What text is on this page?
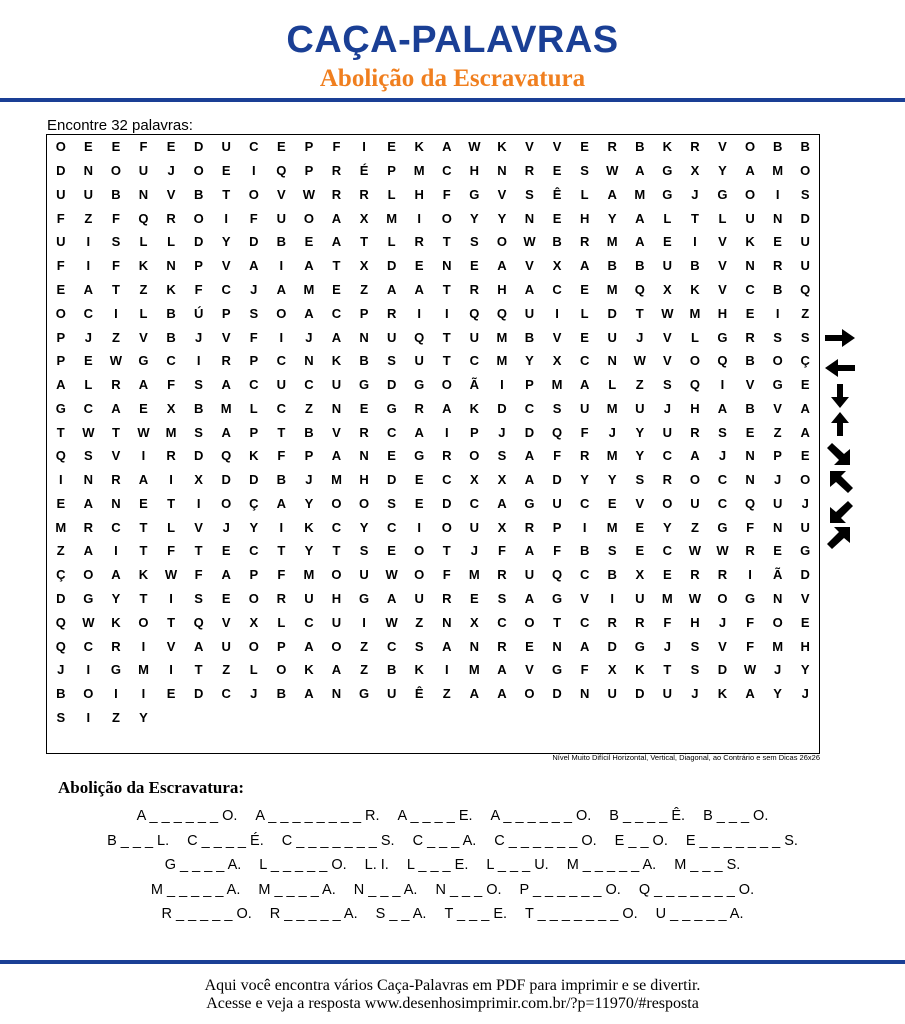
CAÇA-PALAVRAS
Abolição da Escravatura
Encontre 32 palavras:
O	E	E	F	E	D	U	C	E	P	F	I	E	K	A	W	K	V	V	E	R	B	K	R	V	O	B	B
D	N	O	U	J	O	E	I	Q	P	R	É	P	M	C	H	N	R	E	S	W	A	G	X	Y	A	M	O
U	U	B	N	V	B	T	O	V	W	R	R	L	H	F	G	V	S	Ê	L	A	M	G	J	G	O	I	S
F	Z	F	Q	R	O	I	F	U	O	A	X	M	I	O	Y	Y	N	E	H	Y	A	L	T	L	U	N	D
U	I	S	L	L	D	Y	D	B	E	A	T	L	R	T	S	O	W	B	R	M	A	E	I	V	K	E	U
F	I	F	K	N	P	V	A	I	A	T	X	D	E	N	E	A	V	X	A	B	B	U	B	V	N	R	U
E	A	T	Z	K	F	C	J	A	M	E	Z	A	A	T	R	H	A	C	E	M	Q	X	K	V	C	B	Q
O	C	I	L	B	Ú	P	S	O	A	C	P	R	I	I	Q	Q	U	I	L	D	T	W	M	H	E	I	Z
P	J	Z	V	B	J	V	F	I	J	A	N	U	Q	T	U	M	B	V	E	U	J	V	L	G	R	S	S
P	E	W	G	C	I	R	P	C	N	K	B	S	U	T	C	M	Y	X	C	N	W	V	O	Q	B	O	Ç
A	L	R	A	F	S	A	C	U	C	U	G	D	G	O	Ã	I	P	M	A	L	Z	S	Q	I	V	G	E
G	C	A	E	X	B	M	L	C	Z	N	E	G	R	A	K	D	C	S	U	M	U	J	H	A	B	V	A
T	W	T	W	M	S	A	P	T	B	V	R	C	A	I	P	J	D	Q	F	J	Y	U	R	S	E	Z	A
Q	S	V	I	R	D	Q	K	F	P	A	N	E	G	R	O	S	A	F	R	M	Y	C	A	J	N	P	E
I	N	R	A	I	X	D	D	B	J	M	H	D	E	C	X	X	A	D	Y	Y	S	R	O	C	N	J	O
E	A	N	E	T	I	O	Ç	A	Y	O	O	S	E	D	C	A	G	U	C	E	V	O	U	C	Q	U	J
M	R	C	T	L	V	J	Y	I	K	C	Y	C	I	O	U	X	R	P	I	M	E	Y	Z	G	F	N	U
Z	A	I	T	F	T	E	C	T	Y	T	S	E	O	T	J	F	A	F	B	S	E	C	W	W	R	E	G
Ç	O	A	K	W	F	A	P	F	M	O	U	W	O	F	M	R	U	Q	C	B	X	E	R	R	I	Ã	D
D	G	Y	T	I	S	E	O	R	U	H	G	A	U	R	E	S	A	G	V	I	U	M	W	O	G	N	V
Q	W	K	O	T	Q	V	X	L	C	U	I	W	Z	N	X	C	O	T	C	R	R	F	H	J	F	O	E
Q	C	R	I	V	A	U	O	P	A	O	Z	C	S	A	N	R	E	N	A	D	G	J	S	V	F	M	H
J	I	G	M	I	T	Z	L	O	K	A	Z	B	K	I	M	A	V	G	F	X	K	T	S	D	W	J	Y
B	O	I	I	E	D	C	J	B	A	N	G	U	Ê	Z	A	A	O	D	N	U	D	U	J	K	A	Y	J
S	I	Z	Y
Nível Muito Difícil Horizontal, Vertical, Diagonal, ao Contrário e sem Dicas 26x26
Abolição da Escravatura:
A _ _ _ _ _ _ O. A _ _ _ _ _ _ _ _ R. A _ _ _ _ E. A _ _ _ _ _ _ O. B _ _ _ _ Ê. B _ _ _ O.
B _ _ _ L. C _ _ _ _ É. C _ _ _ _ _ _ _ S. C _ _ _ A. C _ _ _ _ _ _ O. E _ _ O. E _ _ _ _ _ _ _ S.
G _ _ _ _ A. L _ _ _ _ _ O. L. I. L _ _ _ E. L _ _ _ U. M _ _ _ _ _ A. M _ _ _ S.
M _ _ _ _ _ A. M _ _ _ _ A. N _ _ _ A. N _ _ _ O. P _ _ _ _ _ _ O. Q _ _ _ _ _ _ _ O.
R _ _ _ _ _ O. R _ _ _ _ _ A. S _ _ A. T _ _ _ E. T _ _ _ _ _ _ _ O. U _ _ _ _ _ A.
Aqui você encontra vários Caça-Palavras em PDF para imprimir e se divertir.
Acesse e veja a resposta www.desenhosimprimir.com.br/?p=11970/#resposta
